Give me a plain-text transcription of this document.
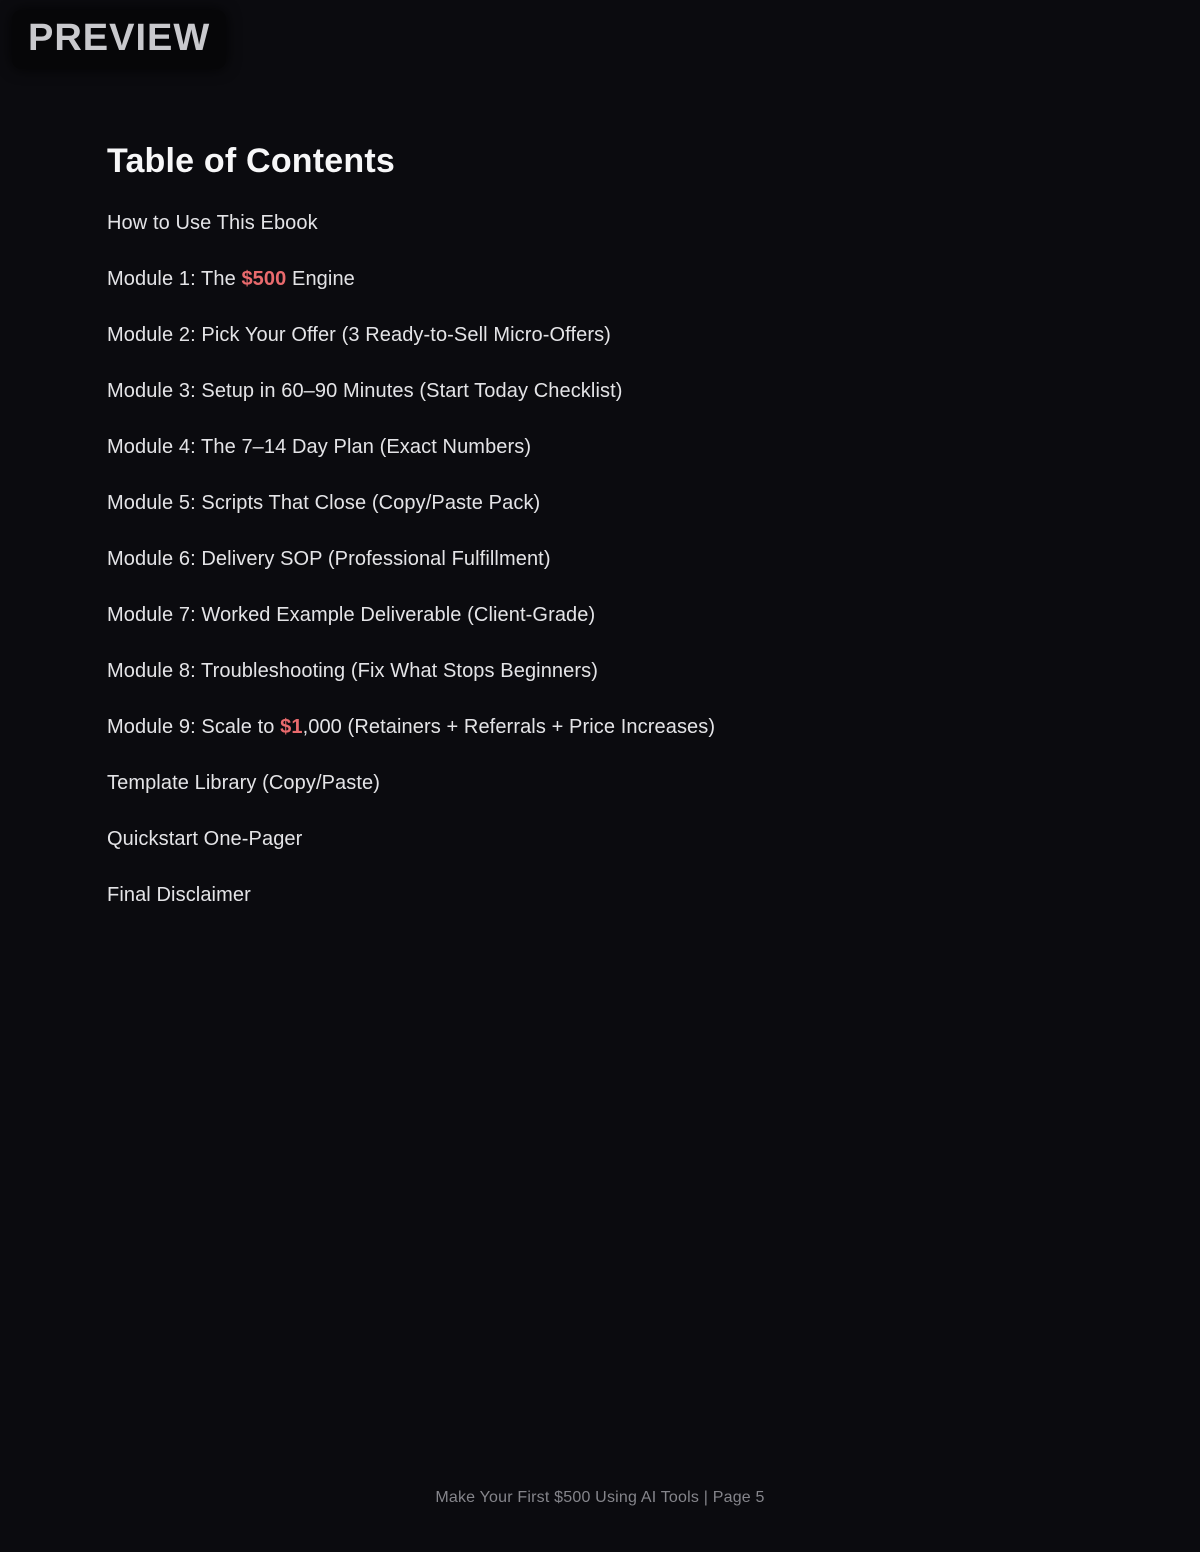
PREVIEW
Table of Contents
How to Use This Ebook
Module 1: The $500 Engine
Module 2: Pick Your Offer (3 Ready-to-Sell Micro-Offers)
Module 3: Setup in 60–90 Minutes (Start Today Checklist)
Module 4: The 7–14 Day Plan (Exact Numbers)
Module 5: Scripts That Close (Copy/Paste Pack)
Module 6: Delivery SOP (Professional Fulfillment)
Module 7: Worked Example Deliverable (Client-Grade)
Module 8: Troubleshooting (Fix What Stops Beginners)
Module 9: Scale to $1,000 (Retainers + Referrals + Price Increases)
Template Library (Copy/Paste)
Quickstart One-Pager
Final Disclaimer
Make Your First $500 Using AI Tools | Page 5
